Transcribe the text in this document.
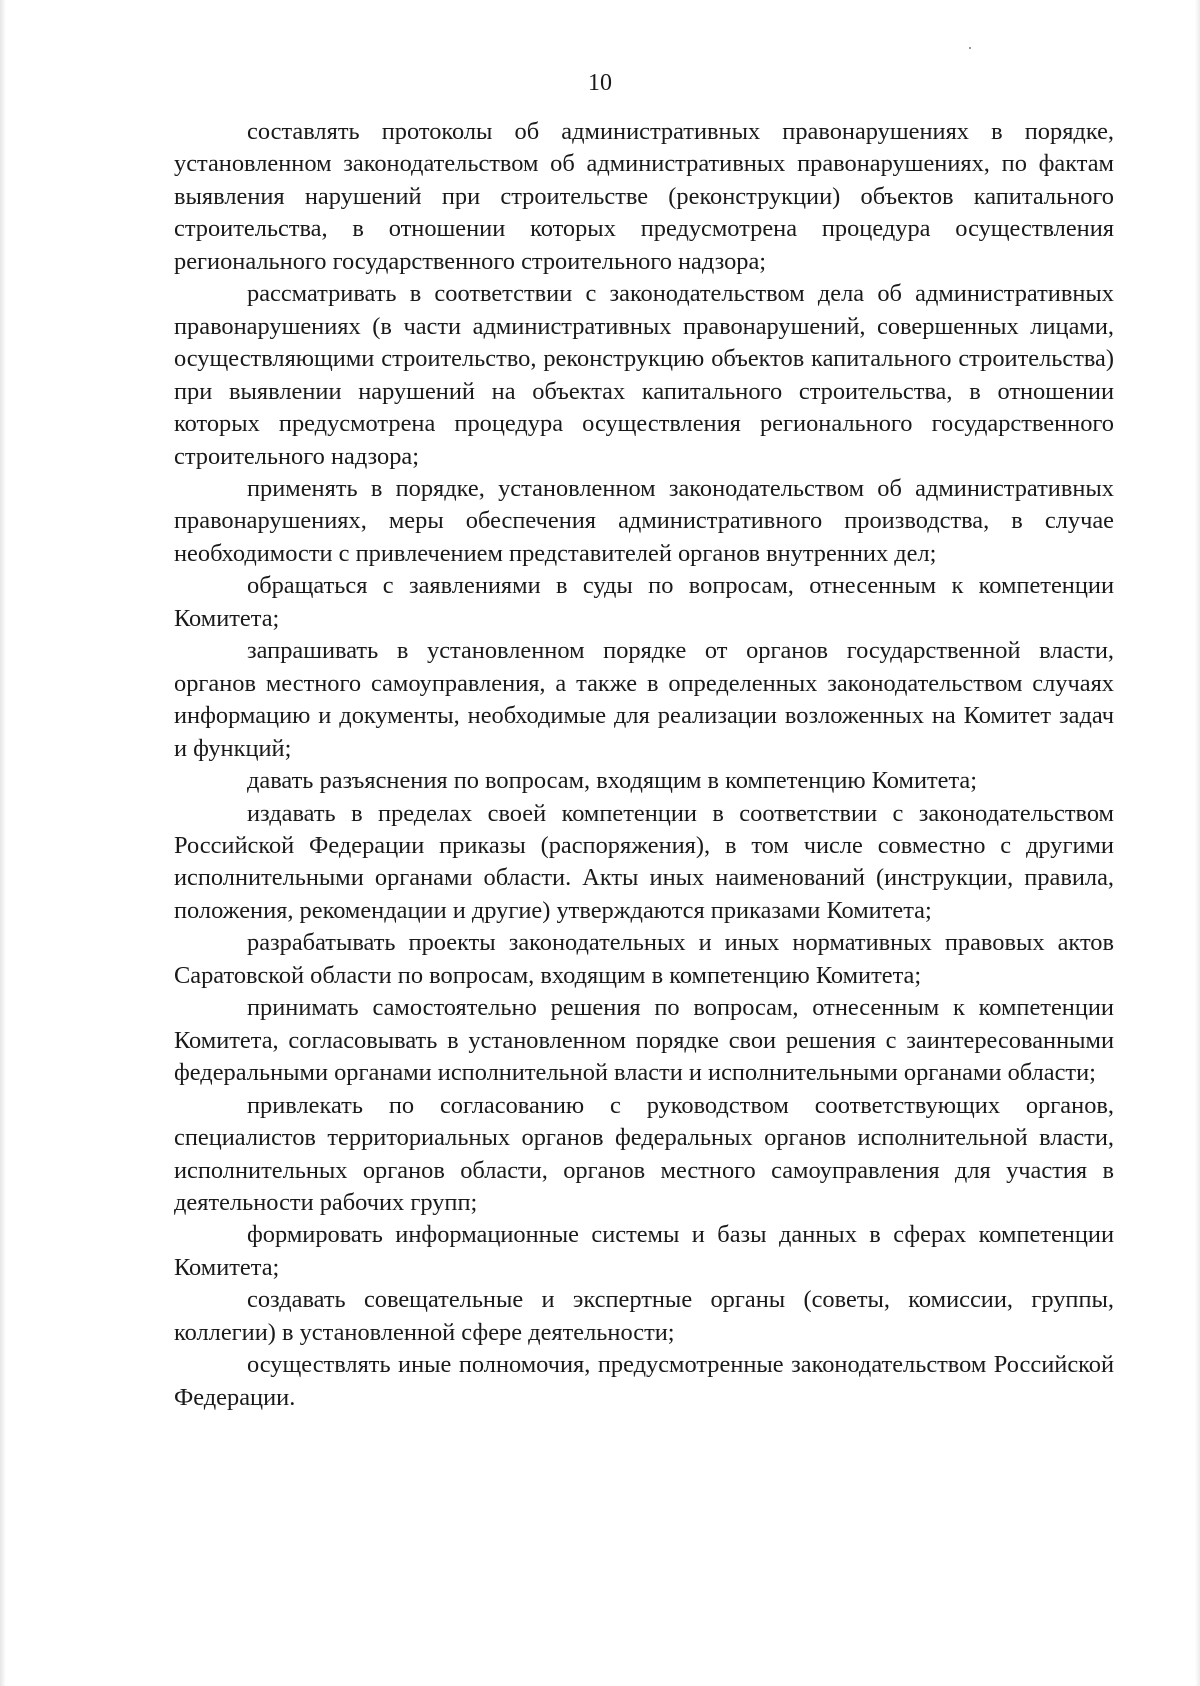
10

составлять протоколы об административных правонарушениях в порядке, установленном законодательством об административных правонарушениях, по фактам выявления нарушений при строительстве (реконструкции) объектов капитального строительства, в отношении которых предусмотрена процедура осуществления регионального государственного строительного надзора;

рассматривать в соответствии с законодательством дела об административных правонарушениях (в части административных правонарушений, совершенных лицами, осуществляющими строительство, реконструкцию объектов капитального строительства) при выявлении нарушений на объектах капитального строительства, в отношении которых предусмотрена процедура осуществления регионального государственного строительного надзора;

применять в порядке, установленном законодательством об административных правонарушениях, меры обеспечения административного производства, в случае необходимости с привлечением представителей органов внутренних дел;

обращаться с заявлениями в суды по вопросам, отнесенным к компетенции Комитета;

запрашивать в установленном порядке от органов государственной власти, органов местного самоуправления, а также в определенных законодательством случаях информацию и документы, необходимые для реализации возложенных на Комитет задач и функций;

давать разъяснения по вопросам, входящим в компетенцию Комитета;

издавать в пределах своей компетенции в соответствии с законодательством Российской Федерации приказы (распоряжения), в том числе совместно с другими исполнительными органами области. Акты иных наименований (инструкции, правила, положения, рекомендации и другие) утверждаются приказами Комитета;

разрабатывать проекты законодательных и иных нормативных правовых актов Саратовской области по вопросам, входящим в компетенцию Комитета;

принимать самостоятельно решения по вопросам, отнесенным к компетенции Комитета, согласовывать в установленном порядке свои решения с заинтересованными федеральными органами исполнительной власти и исполнительными органами области;

привлекать по согласованию с руководством соответствующих органов, специалистов территориальных органов федеральных органов исполнительной власти, исполнительных органов области, органов местного самоуправления для участия в деятельности рабочих групп;

формировать информационные системы и базы данных в сферах компетенции Комитета;

создавать совещательные и экспертные органы (советы, комиссии, группы, коллегии) в установленной сфере деятельности;

осуществлять иные полномочия, предусмотренные законодательством Российской Федерации.
